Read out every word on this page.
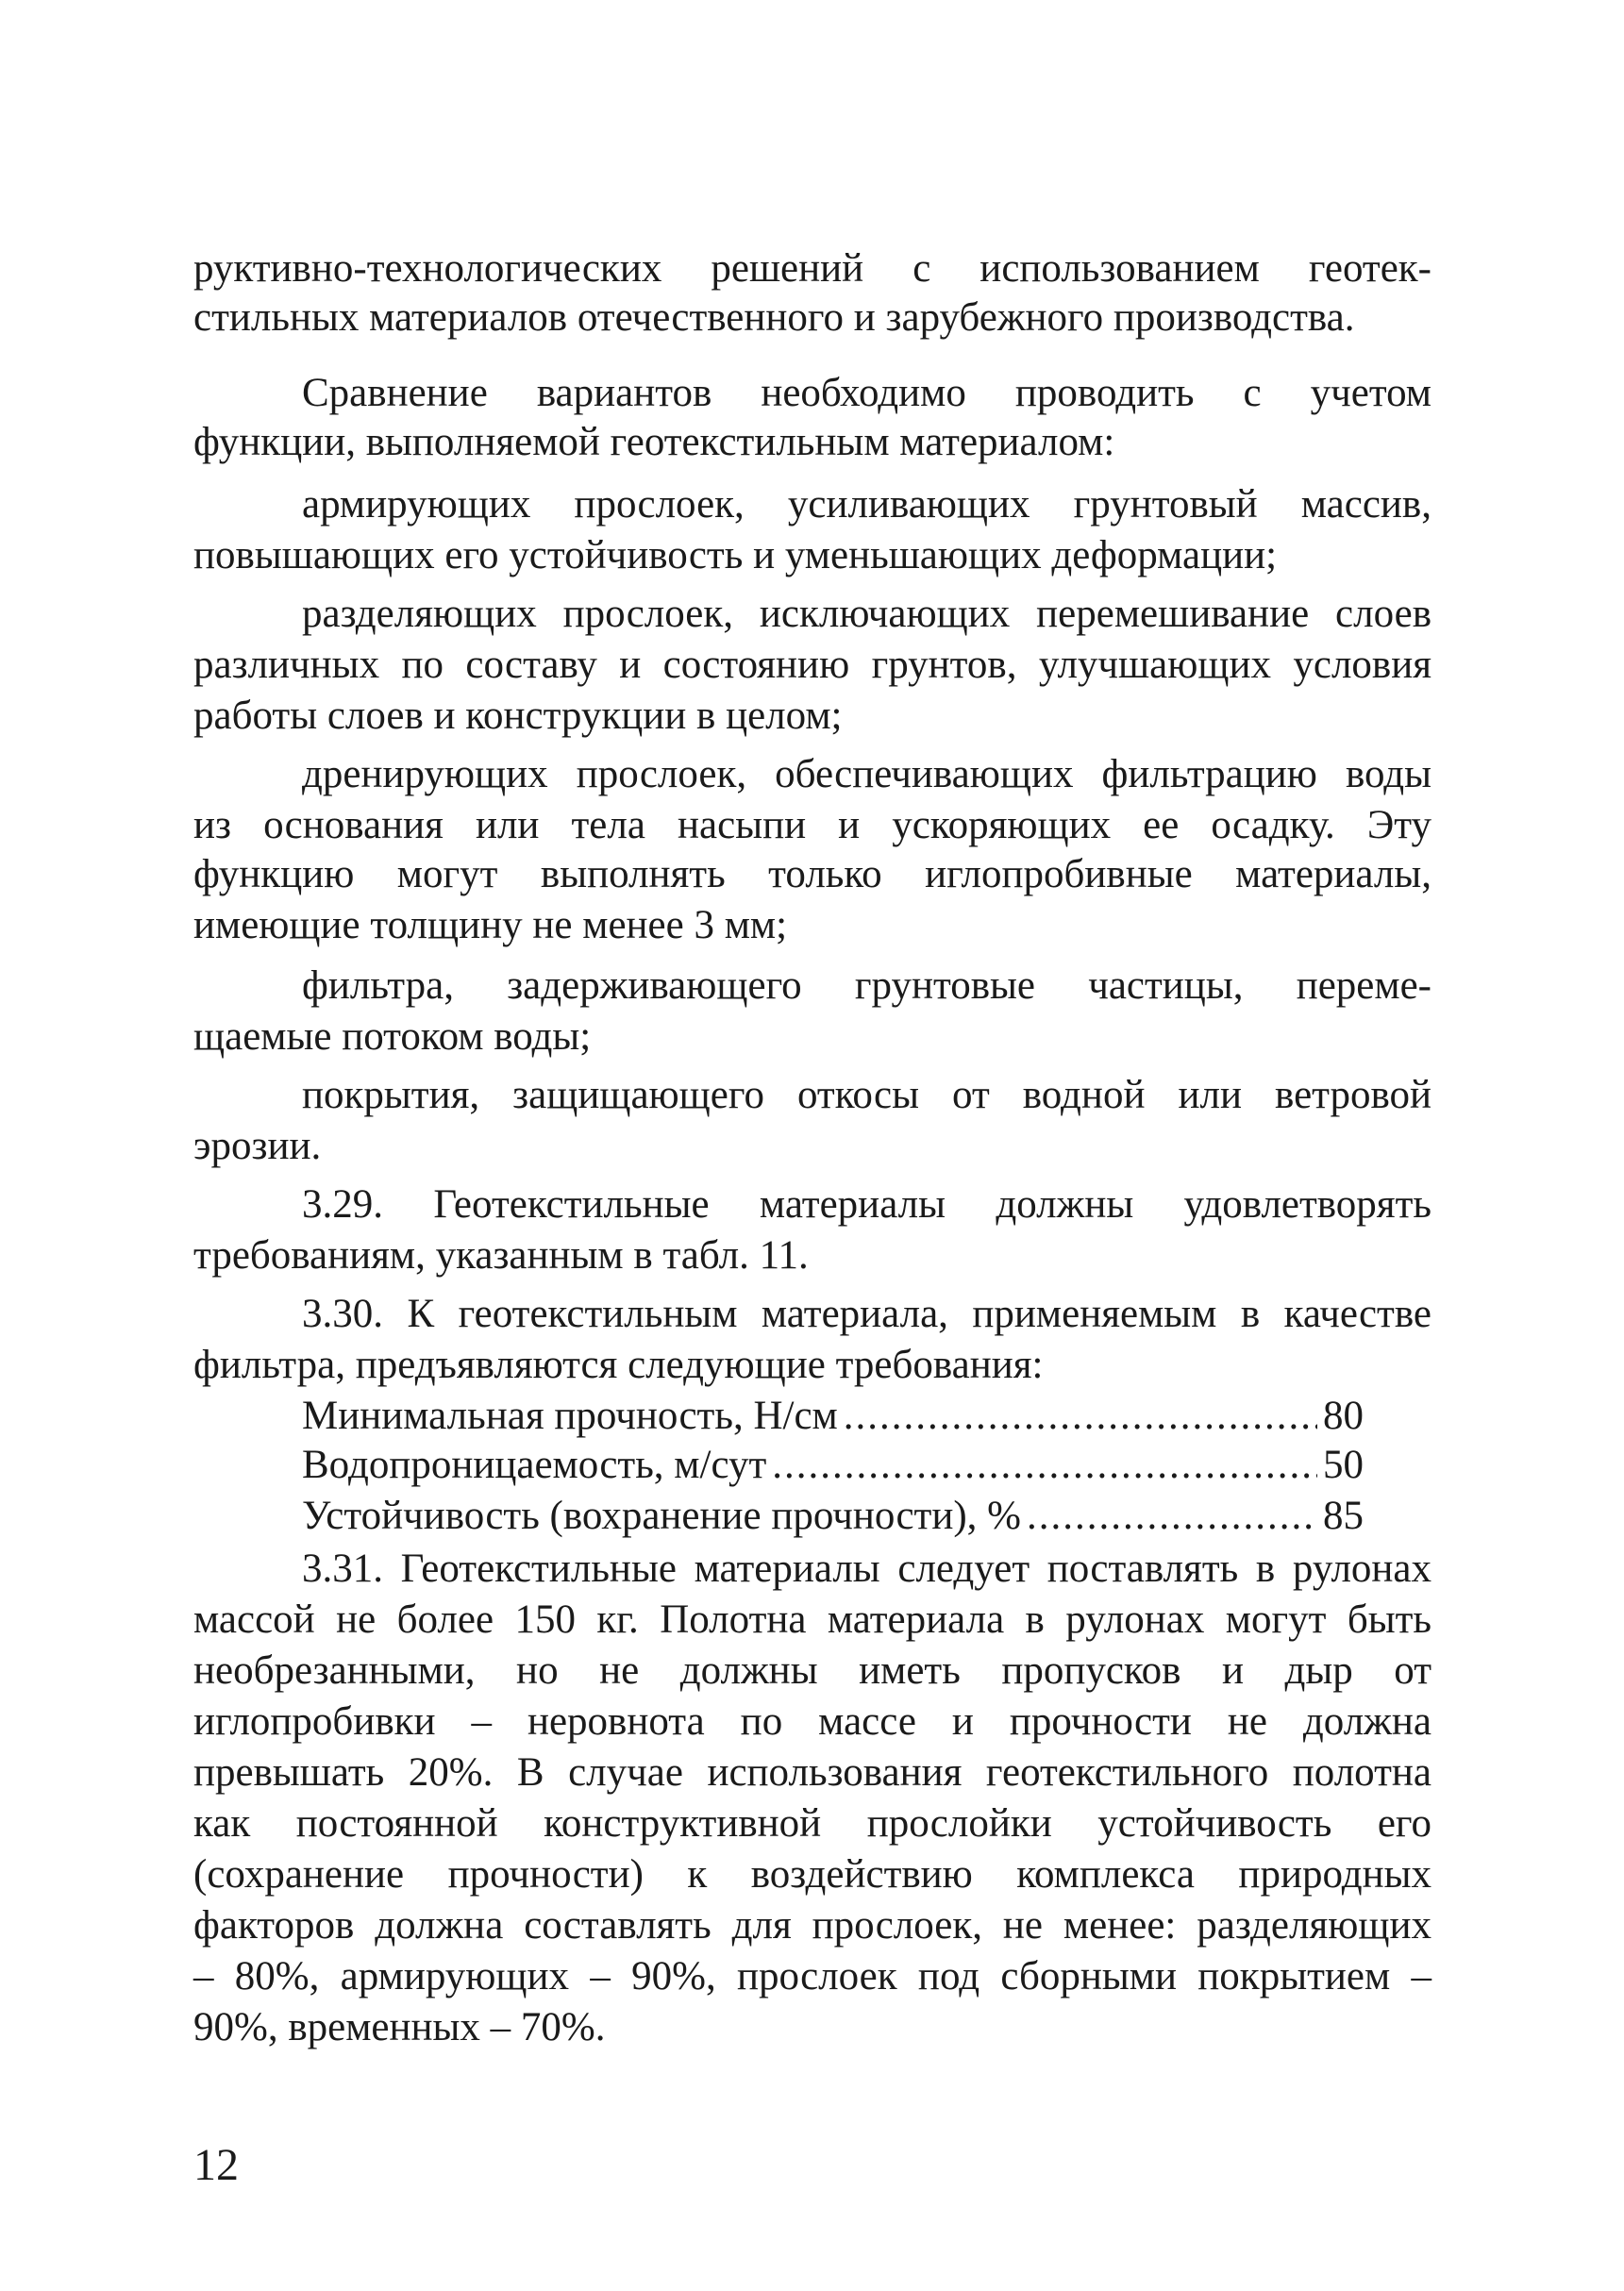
руктивно-технологических решений с использованием геотек-
стильных материалов отечественного и зарубежного производства.
Сравнение вариантов необходимо проводить с учетом
функции, выполняемой геотекстильным материалом:
армирующих прослоек, усиливающих грунтовый массив,
повышающих его устойчивость и уменьшающих деформации;
разделяющих прослоек, исключающих перемешивание слоев
различных по составу и состоянию грунтов, улучшающих условия
работы слоев и конструкции в целом;
дренирующих прослоек, обеспечивающих фильтрацию воды
из основания или тела насыпи и ускоряющих ее осадку. Эту
функцию могут выполнять только иглопробивные материалы,
имеющие толщину не менее 3 мм;
фильтра, задерживающего грунтовые частицы, переме-
щаемые потоком воды;
покрытия, защищающего откосы от водной или ветровой
эрозии.
3.29. Геотекстильные материалы должны удовлетворять
требованиям, указанным в табл. 11.
3.30. К геотекстильным материала, применяемым в качестве
фильтра, предъявляются следующие требования:
Минимальная прочность, Н/см .....	80
Водопроницаемость, м/сут .....	50
Устойчивость (вохранение прочности), % .....	85
3.31. Геотекстильные материалы следует поставлять в рулонах
массой не более 150 кг. Полотна материала в рулонах могут быть
необрезанными, но не должны иметь пропусков и дыр от
иглопробивки – неровнота по массе и прочности не должна
превышать 20%. В случае использования геотекстильного полотна
как постоянной конструктивной прослойки устойчивость его
(сохранение прочности) к воздействию комплекса природных
факторов должна составлять для прослоек, не менее: разделяющих
– 80%, армирующих – 90%, прослоек под сборными покрытием –
90%, временных – 70%.
12
